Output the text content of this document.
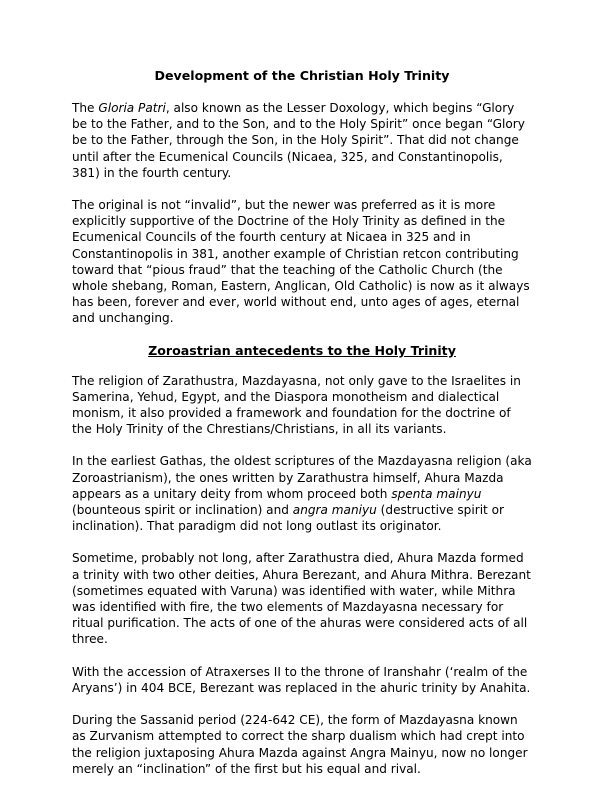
Development of the Christian Holy Trinity

The Gloria Patri, also known as the Lesser Doxology, which begins “Glory be to the Father, and to the Son, and to the Holy Spirit” once began “Glory be to the Father, through the Son, in the Holy Spirit”. That did not change until after the Ecumenical Councils (Nicaea, 325, and Constantinopolis, 381) in the fourth century.

The original is not “invalid”, but the newer was preferred as it is more explicitly supportive of the Doctrine of the Holy Trinity as defined in the Ecumenical Councils of the fourth century at Nicaea in 325 and in Constantinopolis in 381, another example of Christian retcon contributing toward that “pious fraud” that the teaching of the Catholic Church (the whole shebang, Roman, Eastern, Anglican, Old Catholic) is now as it always has been, forever and ever, world without end, unto ages of ages, eternal and unchanging.

Zoroastrian antecedents to the Holy Trinity

The religion of Zarathustra, Mazdayasna, not only gave to the Israelites in Samerina, Yehud, Egypt, and the Diaspora monotheism and dialectical monism, it also provided a framework and foundation for the doctrine of the Holy Trinity of the Chrestians/Christians, in all its variants.

In the earliest Gathas, the oldest scriptures of the Mazdayasna religion (aka Zoroastrianism), the ones written by Zarathustra himself, Ahura Mazda appears as a unitary deity from whom proceed both spenta mainyu (bounteous spirit or inclination) and angra maniyu (destructive spirit or inclination). That paradigm did not long outlast its originator.

Sometime, probably not long, after Zarathustra died, Ahura Mazda formed a trinity with two other deities, Ahura Berezant, and Ahura Mithra. Berezant (sometimes equated with Varuna) was identified with water, while Mithra was identified with fire, the two elements of Mazdayasna necessary for ritual purification. The acts of one of the ahuras were considered acts of all three.

With the accession of Atraxerses II to the throne of Iranshahr (‘realm of the Aryans’) in 404 BCE, Berezant was replaced in the ahuric trinity by Anahita.

During the Sassanid period (224-642 CE), the form of Mazdayasna known as Zurvanism attempted to correct the sharp dualism which had crept into the religion juxtaposing Ahura Mazda against Angra Mainyu, now no longer merely an “inclination” of the first but his equal and rival.
